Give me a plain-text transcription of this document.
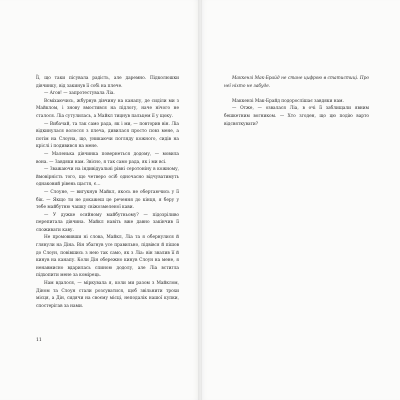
Її, що таки пісувала радість, але даремно. Підколюшки дівчинку, від закинув її собі на плече.

— Агов! — запротестувала Ліа.

Всміхаючись, жбурнув дівчину на канапу, де сиділи ми з Майклом, і знову вмостився на підлогу, наче нічого не сталося. Ліа сутулилась, а Майкл тицнув пальцем її у щоку.

— Вибачай, та так само рада, як і ми, — повторив він. Ліа відкинулася волосся з плеча, дивилася просто повз мене, а потім на Слоуна, що, уникаючи погляду кожного, сидів на кріслі і подивився на мене.

— Маленька дівчинка повернеться додому, — мовила вона. — Завдяки нам. Звісно, я так само рада, як і ми всі.

— Зважаючи на індивідуальні рівні серотоніну в кожному, ймовірність того, що четверо осіб одночасно відчуватимуть однаковий рівень щастя, є…

— Слоуне, — вигукнув Майкл, якось не обертаючись у її бік. — Якщо ти не докажеш це речення до кінця, я беру у тебе майбутню чашку свіжозмеленої кави.

— У дужке осяйному майбутньому? — підозріливо перепитала дівчина. Майкл навіть вже давно закінчив її споживати каву.

Не промовивши ні слова, Майкл, Ліа та я обернулися й глянули на Діна. Він збагнув усе правильно, підвівся й пішов до Слоун, повівшись з нею так само, як з Ліа: він звалив її й кинув на канапу. Коли Дін обережно кинув Слоун на мене, я ненавмисно вдарилась спиною додолу, але Ліа встигла підхопити мене за комірець.

Нам вдалося, — міркувала я, коли ми разом з Майклом, Діном та Слоун стали розсуватися, щоб звільнити трохи місця, а Дін, сидячи на своєму місці, неподалік нашої купки, спостерігав за нами.

11

Маккензі Мак-Брайд не стане цифрою в статистиці. Про неї ніхто не забуде.

Маккензі Мак-Брайд подорослішає завдяки нам.

— Отже, — озвалася Ліа, в очі її заблищали явним бешкетним вогником. — Хто згоден, що цю подію варто відсвяткувати?
